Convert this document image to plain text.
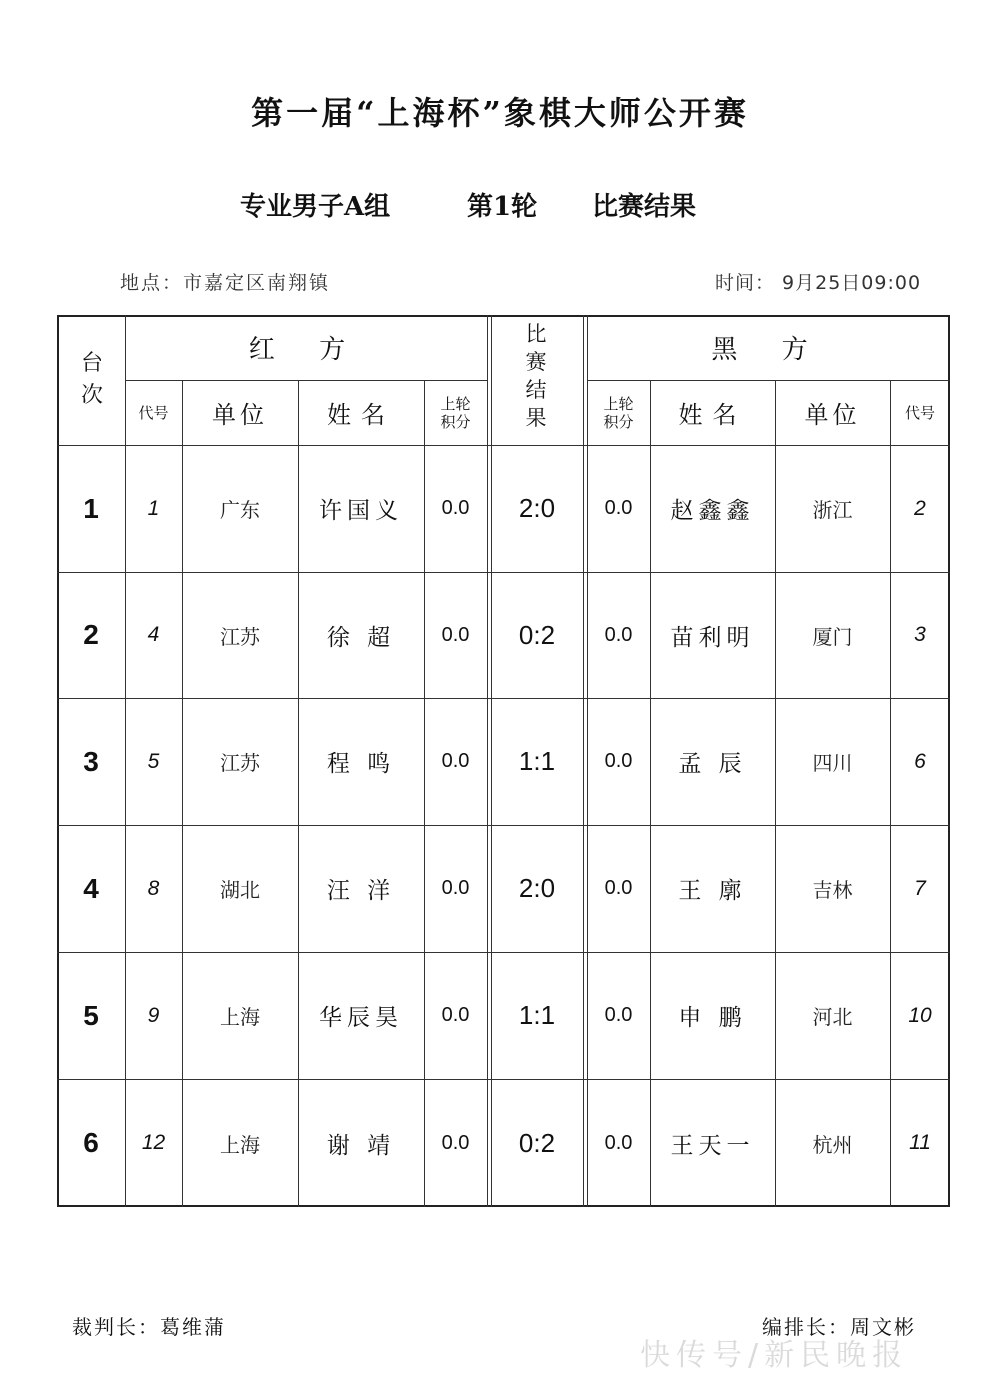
第一届“上海杯”象棋大师公开赛
专业男子A组	第1轮 比赛结果
地点：市嘉定区南翔镇	时间： 9月25日09:00
台次
红 方
比赛结果
黑 方
代号	单位	姓名	上轮积分
上轮积分	姓名	单位	代号
1	1	广东	许国义	0.0	2:0	0.0	赵鑫鑫	浙江	2
2	4	江苏	徐 超	0.0	0:2	0.0	苗利明	厦门	3
3	5	江苏	程 鸣	0.0	1:1	0.0	孟 辰	四川	6
4	8	湖北	汪 洋	0.0	2:0	0.0	王 廓	吉林	7
5	9	上海	华辰昊	0.0	1:1	0.0	申 鹏	河北	10
6	12	上海	谢 靖	0.0	0:2	0.0	王天一	杭州	11
裁判长：葛维蒲	编排长：周文彬
快传号/新民晚报
